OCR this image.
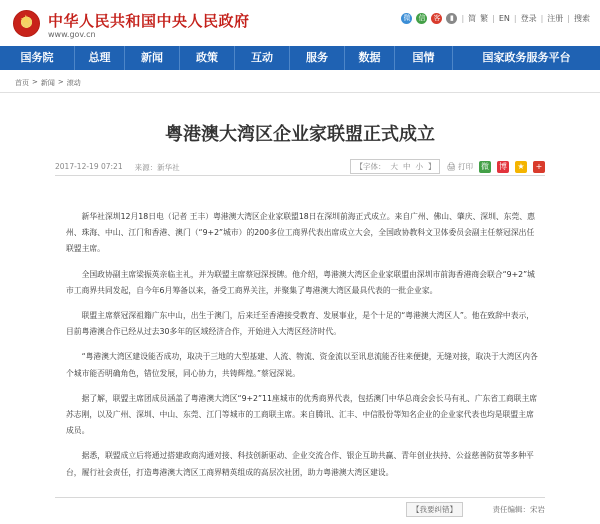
★
中华人民共和国中央人民政府
www.gov.cn
微 信 客	▮ | 简 繁 | EN | 登录 | 注册 | 搜索
国务院	总理	新闻	政策	互动	服务	数据	国情	国家政务服务平台
首页 > 新闻 > 滚动
粤港澳大湾区企业家联盟正式成立
2017-12-19 07:21 来源：新华社	【字体： 大 中 小 】 🖨 打印 微 博	★	+

新华社深圳12月18日电（记者 王丰）粤港澳大湾区企业家联盟18日在深圳前海正式成立。来自广州、佛山、肇庆、深圳、东莞、惠州、珠海、中山、江门和香港、澳门（“9+2”城市）的200多位工商界代表出席成立大会，全国政协教科文卫体委员会副主任蔡冠深出任联盟主席。

全国政协副主席梁振英亲临主礼，并为联盟主席蔡冠深授牌。他介绍，粤港澳大湾区企业家联盟由深圳市前海香港商会联合“9+2”城市工商界共同发起，自今年6月筹备以来，备受工商界关注，并聚集了粤港澳大湾区最具代表的一批企业家。

联盟主席蔡冠深祖籍广东中山，出生于澳门，后来迁至香港接受教育、发展事业，是个十足的“粤港澳大湾区人”。他在致辞中表示，目前粤港澳合作已经从过去30多年的区域经济合作，开始进入大湾区经济时代。

“粤港澳大湾区建设能否成功，取决于三地的大型基建、人流、物流、资金流以至讯息流能否往来便捷，无缝对接，取决于大湾区内各个城市能否明确角色，错位发展，同心协力，共铸辉煌。”蔡冠深说。

据了解，联盟主席团成员涵盖了粤港澳大湾区“9+2”11座城市的优秀商界代表，包括澳门中华总商会会长马有礼、广东省工商联主席苏志刚，以及广州、深圳、中山、东莞、江门等城市的工商联主席。来自腾讯、汇丰、中信股份等知名企业的企业家代表也均是联盟主席成员。

据悉，联盟成立后将通过搭建政商沟通对接、科技创新驱动、企业交流合作、银企互助共赢、青年创业扶持、公益慈善防贫等多种平台，履行社会责任，打造粤港澳大湾区工商界精英组成的高层次社团，助力粤港澳大湾区建设。

【我要纠错】	责任编辑：宋岩
